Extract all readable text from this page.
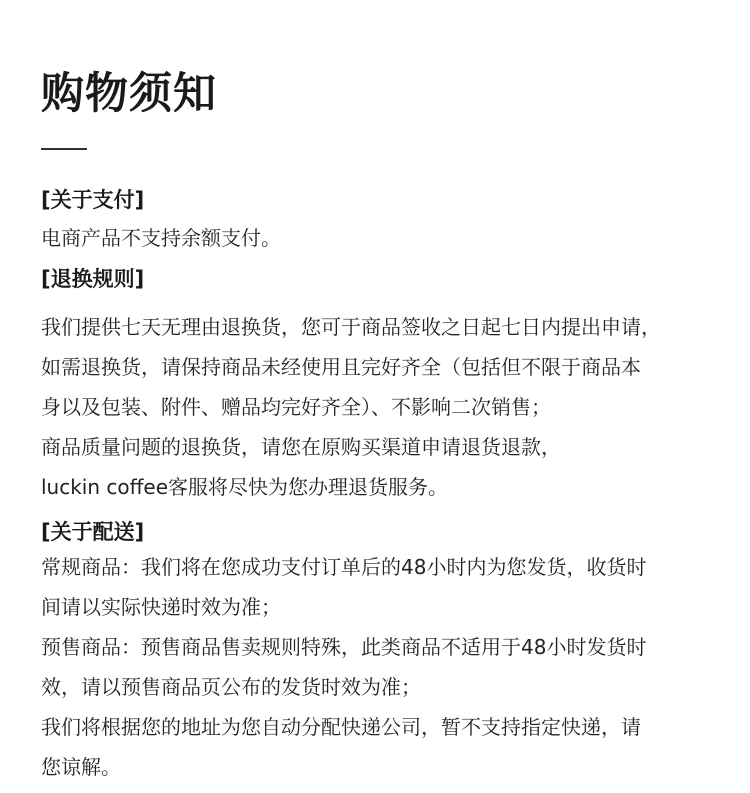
购物须知
[关于支付]
电商产品不支持余额支付。
[退换规则]
我们提供七天无理由退换货，您可于商品签收之日起七日内提出申请，
如需退换货，请保持商品未经使用且完好齐全（包括但不限于商品本
身以及包装、附件、赠品均完好齐全）、不影响二次销售；
商品质量问题的退换货，请您在原购买渠道申请退货退款，
luckin coffee客服将尽快为您办理退货服务。
[关于配送]
常规商品：我们将在您成功支付订单后的48小时内为您发货，收货时
间请以实际快递时效为准；
预售商品：预售商品售卖规则特殊，此类商品不适用于48小时发货时
效，请以预售商品页公布的发货时效为准；
我们将根据您的地址为您自动分配快递公司，暂不支持指定快递，请
您谅解。
